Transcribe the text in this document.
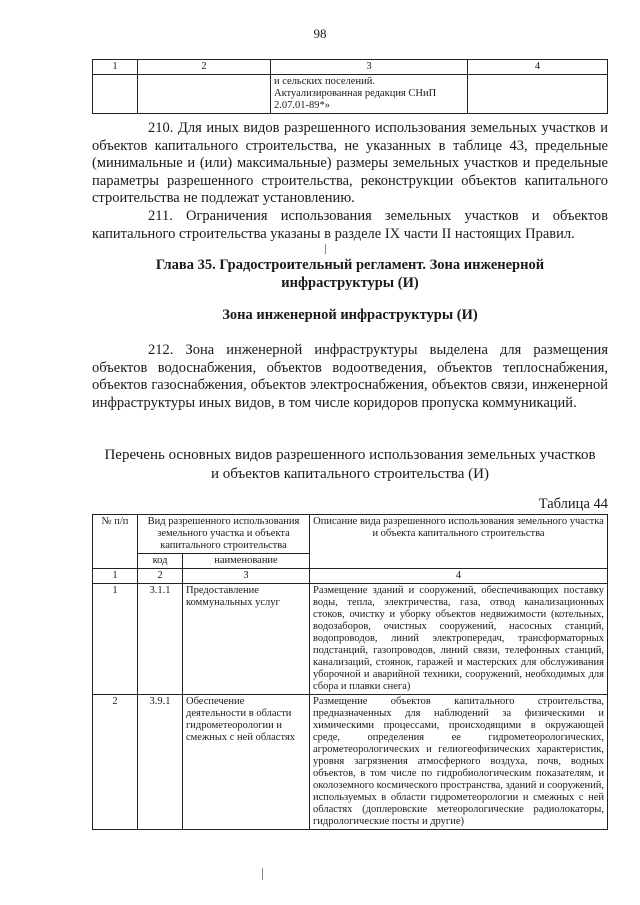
98
1	2	3	4
		и сельских поселений. Актуализированная редакция СНиП 2.07.01-89*»	

210. Для иных видов разрешенного использования земельных участков и объектов капитального строительства, не указанных в таблице 43, предельные (минимальные и (или) максимальные) размеры земельных участков и предельные параметры разрешенного строительства, реконструкции объектов капитального строительства не подлежат установлению.

211. Ограничения использования земельных участков и объектов капитального строительства указаны в разделе IX части II настоящих Правил.

Глава 35. Градостроительный регламент. Зона инженерной

инфраструктуры (И)

Зона инженерной инфраструктуры (И)

212. Зона инженерной инфраструктуры выделена для размещения объектов водоснабжения, объектов водоотведения, объектов теплоснабжения, объектов газоснабжения, объектов электроснабжения, объектов связи, инженерной инфраструктуры иных видов, в том числе коридоров пропуска коммуникаций.

Перечень основных видов разрешенного использования земельных участков

и объектов капитального строительства (И)

Таблица 44
№ п/п	Вид разрешенного использования земельного участка и объекта капитального строительства		Описание вида разрешенного использования земельного участка и объекта капитального строительства
	код	наименование	
1	2	3	4
1	3.1.1	Предоставление коммунальных услуг	Размещение зданий и сооружений, обеспечивающих поставку воды, тепла, электричества, газа, отвод канализационных стоков, очистку и уборку объектов недвижимости (котельных, водозаборов, очистных сооружений, насосных станций, водопроводов, линий электропередач, трансформаторных подстанций, газопроводов, линий связи, телефонных станций, канализаций, стоянок, гаражей и мастерских для обслуживания уборочной и аварийной техники, сооружений, необходимых для сбора и плавки снега)
2	3.9.1	Обеспечение деятельности в области гидрометеорологии и смежных с ней областях	Размещение объектов капитального строительства, предназначенных для наблюдений за физическими и химическими процессами, происходящими в окружающей среде, определения ее гидрометеорологических, агрометеорологических и гелиогеофизических характеристик, уровня загрязнения атмосферного воздуха, почв, водных объектов, в том числе по гидробиологическим показателям, и околоземного космического пространства, зданий и сооружений, используемых в области гидрометеорологии и смежных с ней областях (доплеровские метеорологические радиолокаторы, гидрологические посты и другие)
